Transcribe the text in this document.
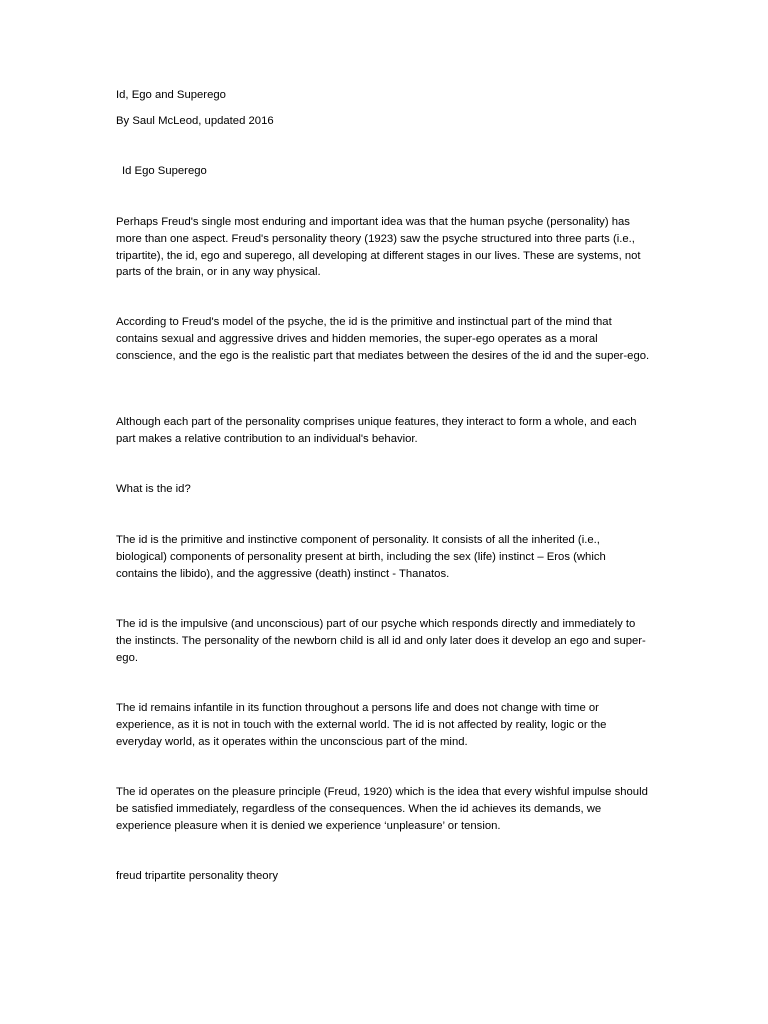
Id, Ego and Superego

By Saul McLeod, updated 2016

Id Ego Superego

Perhaps Freud's single most enduring and important idea was that the human psyche (personality) has more than one aspect. Freud's personality theory (1923) saw the psyche structured into three parts (i.e., tripartite), the id, ego and superego, all developing at different stages in our lives. These are systems, not parts of the brain, or in any way physical.

According to Freud's model of the psyche, the id is the primitive and instinctual part of the mind that contains sexual and aggressive drives and hidden memories, the super-ego operates as a moral conscience, and the ego is the realistic part that mediates between the desires of the id and the super-ego.

Although each part of the personality comprises unique features, they interact to form a whole, and each part makes a relative contribution to an individual's behavior.

What is the id?

The id is the primitive and instinctive component of personality. It consists of all the inherited (i.e., biological) components of personality present at birth, including the sex (life) instinct – Eros (which contains the libido), and the aggressive (death) instinct - Thanatos.

The id is the impulsive (and unconscious) part of our psyche which responds directly and immediately to the instincts. The personality of the newborn child is all id and only later does it develop an ego and super-ego.

The id remains infantile in its function throughout a persons life and does not change with time or experience, as it is not in touch with the external world. The id is not affected by reality, logic or the everyday world, as it operates within the unconscious part of the mind.

The id operates on the pleasure principle (Freud, 1920) which is the idea that every wishful impulse should be satisfied immediately, regardless of the consequences. When the id achieves its demands, we experience pleasure when it is denied we experience ‘unpleasure’ or tension.

freud tripartite personality theory
